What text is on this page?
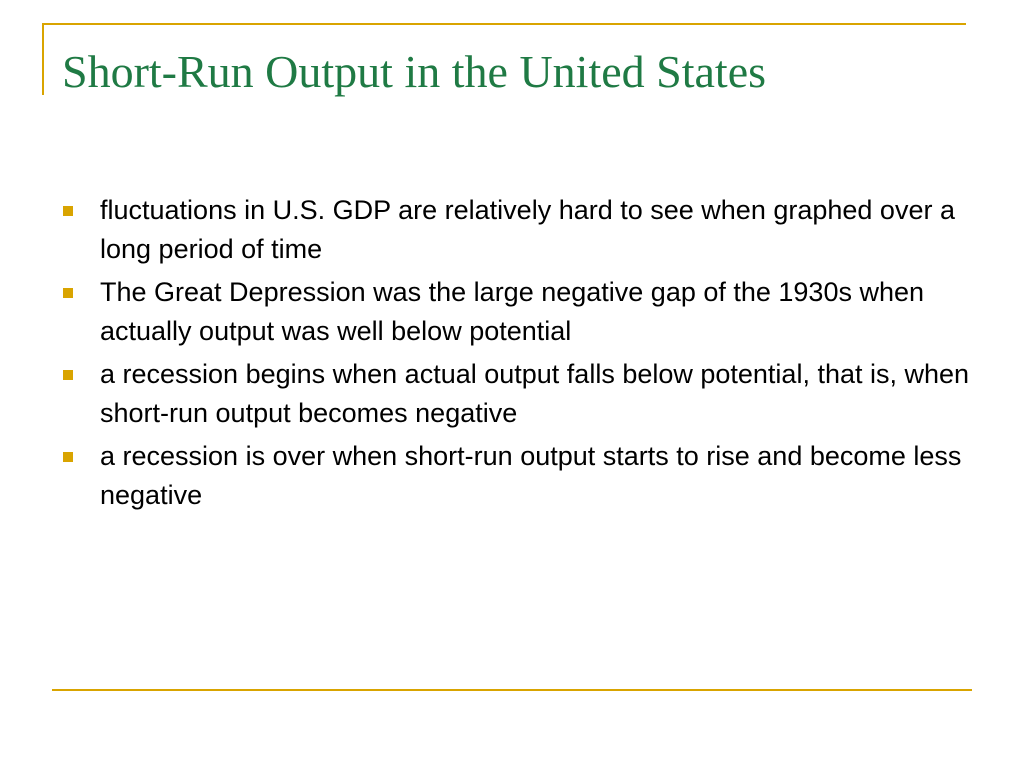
Short-Run Output in the United States
fluctuations in U.S. GDP are relatively hard to see when graphed over a long period of time
The Great Depression was the large negative gap of the 1930s when actually output was well below potential
a recession begins when actual output falls below potential, that is, when short-run output becomes negative
a recession is over when short-run output starts to rise and become less negative
